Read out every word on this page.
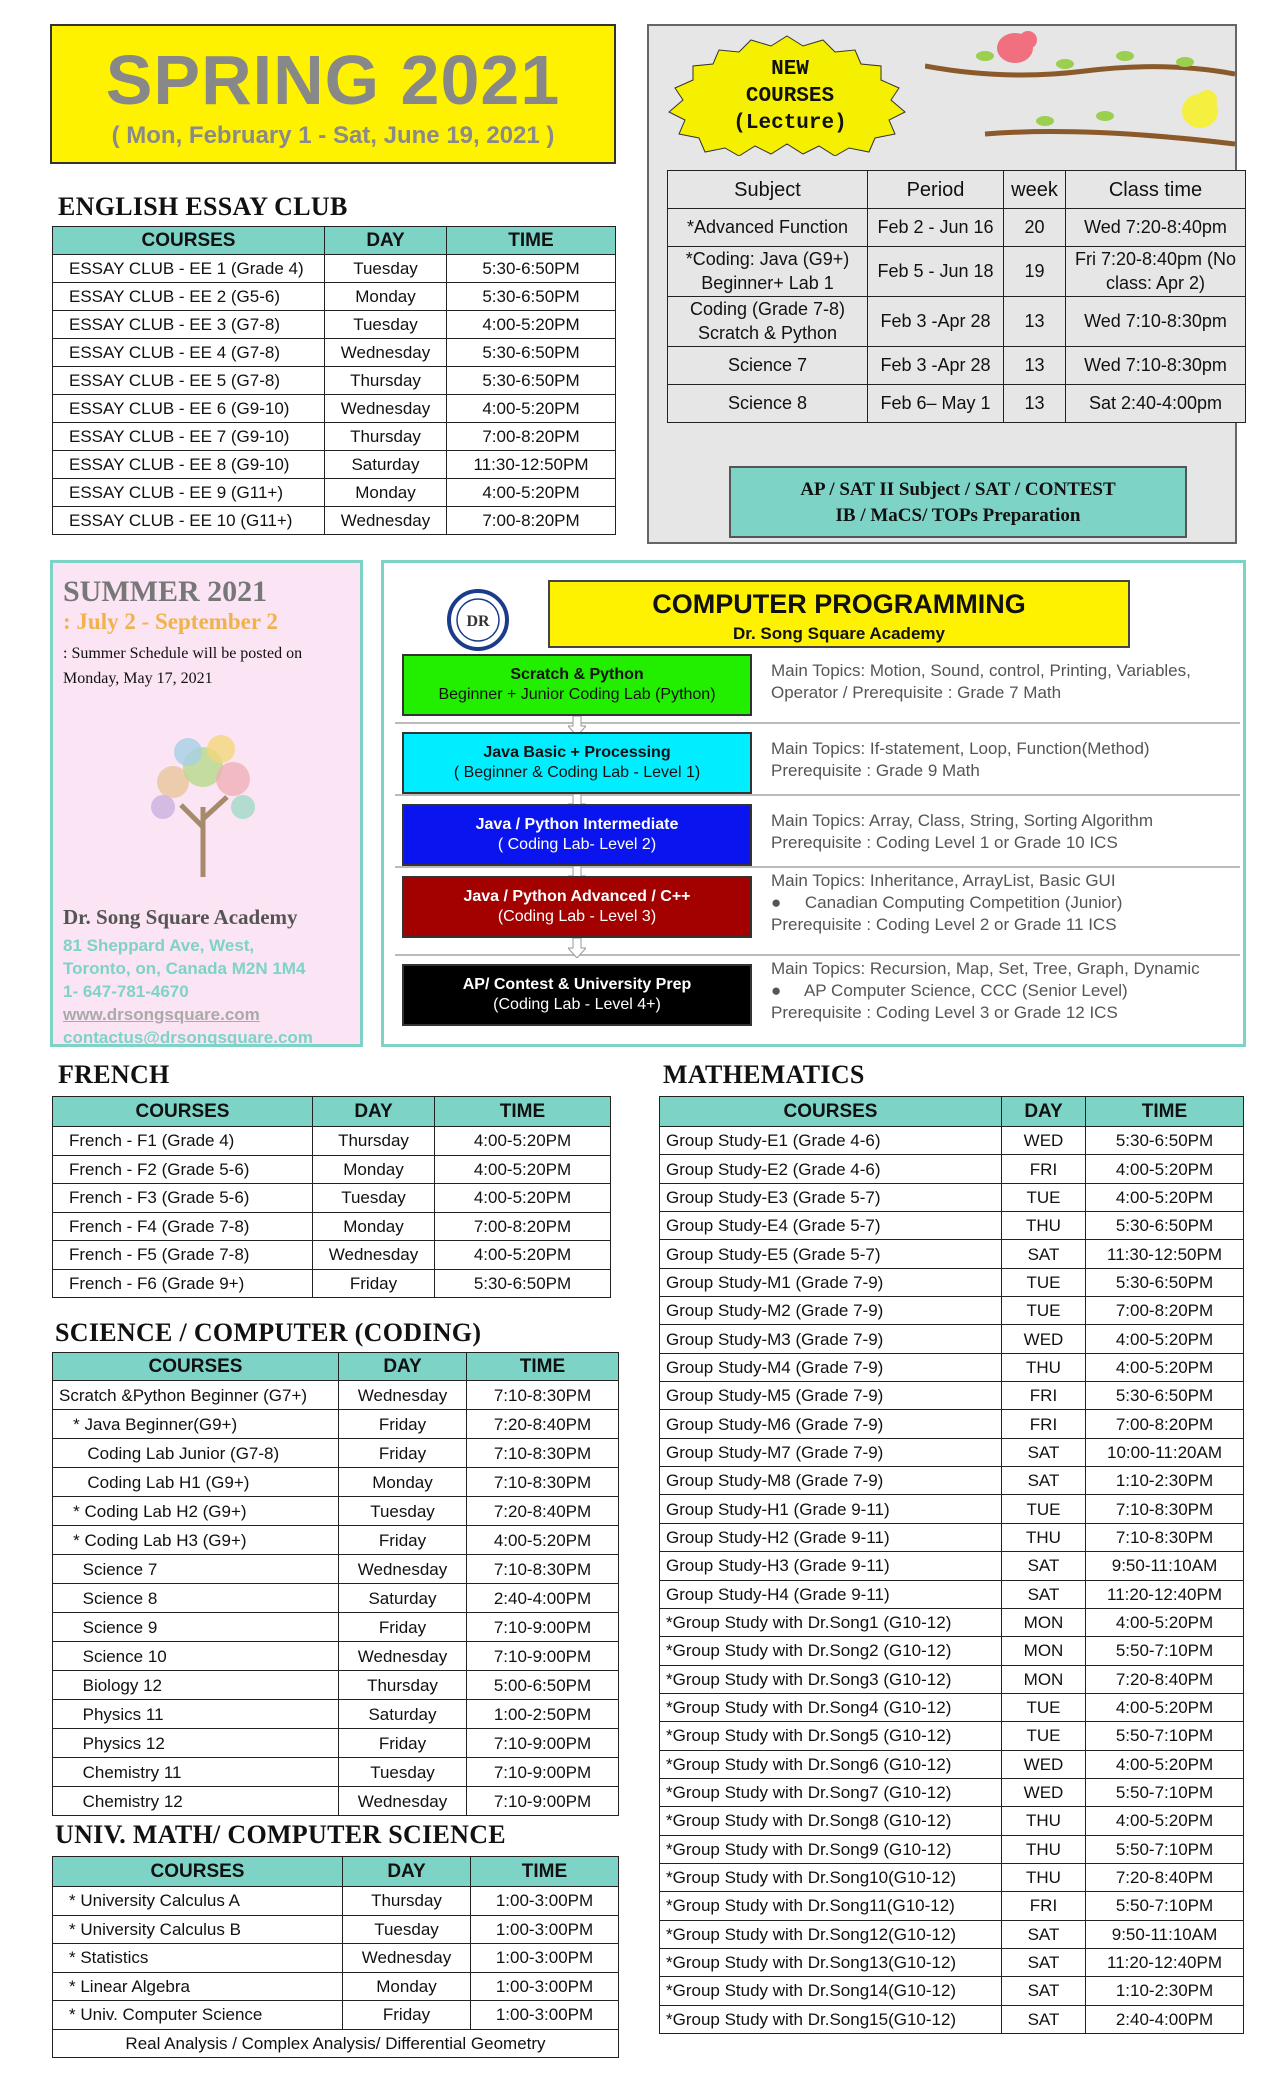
SPRING 2021
( Mon, February 1 - Sat, June 19, 2021 )
ENGLISH ESSAY CLUB
COURSES	DAY	TIME
ESSAY CLUB - EE 1 (Grade 4)	Tuesday	5:30-6:50PM
ESSAY CLUB - EE 2 (G5-6)	Monday	5:30-6:50PM
ESSAY CLUB - EE 3 (G7-8)	Tuesday	4:00-5:20PM
ESSAY CLUB - EE 4 (G7-8)	Wednesday	5:30-6:50PM
ESSAY CLUB - EE 5 (G7-8)	Thursday	5:30-6:50PM
ESSAY CLUB - EE 6 (G9-10)	Wednesday	4:00-5:20PM
ESSAY CLUB - EE 7 (G9-10)	Thursday	7:00-8:20PM
ESSAY CLUB - EE 8 (G9-10)	Saturday	11:30-12:50PM
ESSAY CLUB - EE 9 (G11+)	Monday	4:00-5:20PM
ESSAY CLUB - EE 10 (G11+)	Wednesday	7:00-8:20PM
NEW
COURSES
(Lecture)
Subject	Period	week	Class time
*Advanced Function	Feb 2 - Jun 16	20	Wed 7:20-8:40pm
*Coding: Java (G9+) Beginner+ Lab 1	Feb 5 - Jun 18	19	Fri 7:20-8:40pm (No class: Apr 2)
Coding (Grade 7-8) Scratch & Python	Feb 3 -Apr 28	13	Wed 7:10-8:30pm
Science 7	Feb 3 -Apr 28	13	Wed 7:10-8:30pm
Science 8	Feb 6– May 1	13	Sat 2:40-4:00pm
AP / SAT II Subject / SAT / CONTEST
IB / MaCS/ TOPs Preparation
SUMMER 2021
: July 2 - September 2
: Summer Schedule will be posted on Monday, May 17, 2021
Dr. Song Square Academy
81 Sheppard Ave, West,
Toronto, on, Canada M2N 1M4
1- 647-781-4670
www.drsongsquare.com
contactus@drsongsquare.com
DR
COMPUTER PROGRAMMING
Dr. Song Square Academy
Scratch & Python
Beginner + Junior Coding Lab (Python)
Main Topics: Motion, Sound, control, Printing, Variables,
Operator / Prerequisite : Grade 7 Math
Java Basic + Processing
( Beginner & Coding Lab - Level 1)
Main Topics: If-statement, Loop, Function(Method)
Prerequisite : Grade 9 Math
Java / Python Intermediate
( Coding Lab- Level 2)
Main Topics: Array, Class, String, Sorting Algorithm
Prerequisite : Coding Level 1 or Grade 10 ICS
Java / Python Advanced / C++
(Coding Lab - Level 3)
Main Topics: Inheritance, ArrayList, Basic GUI
●     Canadian Computing Competition (Junior)
Prerequisite : Coding Level 2 or Grade 11 ICS
AP/ Contest & University Prep
(Coding Lab - Level 4+)
Main Topics: Recursion, Map, Set, Tree, Graph, Dynamic
●     AP Computer Science, CCC (Senior Level)
Prerequisite : Coding Level 3 or Grade 12 ICS
FRENCH
COURSES	DAY	TIME
French - F1 (Grade 4)	Thursday	4:00-5:20PM
French - F2 (Grade 5-6)	Monday	4:00-5:20PM
French - F3 (Grade 5-6)	Tuesday	4:00-5:20PM
French - F4 (Grade 7-8)	Monday	7:00-8:20PM
French - F5 (Grade 7-8)	Wednesday	4:00-5:20PM
French - F6 (Grade 9+)	Friday	5:30-6:50PM
SCIENCE / COMPUTER (CODING)
COURSES	DAY	TIME
Scratch &Python Beginner (G7+)	Wednesday	7:10-8:30PM
* Java Beginner(G9+)	Friday	7:20-8:40PM
Coding Lab Junior (G7-8)	Friday	7:10-8:30PM
Coding Lab H1 (G9+)	Monday	7:10-8:30PM
* Coding Lab H2 (G9+)	Tuesday	7:20-8:40PM
* Coding Lab H3 (G9+)	Friday	4:00-5:20PM
Science 7	Wednesday	7:10-8:30PM
Science 8	Saturday	2:40-4:00PM
Science 9	Friday	7:10-9:00PM
Science 10	Wednesday	7:10-9:00PM
Biology 12	Thursday	5:00-6:50PM
Physics 11	Saturday	1:00-2:50PM
Physics 12	Friday	7:10-9:00PM
Chemistry 11	Tuesday	7:10-9:00PM
Chemistry 12	Wednesday	7:10-9:00PM
UNIV. MATH/ COMPUTER SCIENCE
COURSES	DAY	TIME
* University Calculus A	Thursday	1:00-3:00PM
* University Calculus B	Tuesday	1:00-3:00PM
* Statistics	Wednesday	1:00-3:00PM
* Linear Algebra	Monday	1:00-3:00PM
* Univ. Computer Science	Friday	1:00-3:00PM
Real Analysis / Complex Analysis/ Differential Geometry		
MATHEMATICS
COURSES	DAY	TIME
Group Study-E1 (Grade 4-6)	WED	5:30-6:50PM
Group Study-E2 (Grade 4-6)	FRI	4:00-5:20PM
Group Study-E3 (Grade 5-7)	TUE	4:00-5:20PM
Group Study-E4 (Grade 5-7)	THU	5:30-6:50PM
Group Study-E5 (Grade 5-7)	SAT	11:30-12:50PM
Group Study-M1 (Grade 7-9)	TUE	5:30-6:50PM
Group Study-M2 (Grade 7-9)	TUE	7:00-8:20PM
Group Study-M3 (Grade 7-9)	WED	4:00-5:20PM
Group Study-M4 (Grade 7-9)	THU	4:00-5:20PM
Group Study-M5 (Grade 7-9)	FRI	5:30-6:50PM
Group Study-M6 (Grade 7-9)	FRI	7:00-8:20PM
Group Study-M7 (Grade 7-9)	SAT	10:00-11:20AM
Group Study-M8 (Grade 7-9)	SAT	1:10-2:30PM
Group Study-H1 (Grade 9-11)	TUE	7:10-8:30PM
Group Study-H2 (Grade 9-11)	THU	7:10-8:30PM
Group Study-H3 (Grade 9-11)	SAT	9:50-11:10AM
Group Study-H4 (Grade 9-11)	SAT	11:20-12:40PM
*Group Study with Dr.Song1 (G10-12)	MON	4:00-5:20PM
*Group Study with Dr.Song2 (G10-12)	MON	5:50-7:10PM
*Group Study with Dr.Song3 (G10-12)	MON	7:20-8:40PM
*Group Study with Dr.Song4 (G10-12)	TUE	4:00-5:20PM
*Group Study with Dr.Song5 (G10-12)	TUE	5:50-7:10PM
*Group Study with Dr.Song6 (G10-12)	WED	4:00-5:20PM
*Group Study with Dr.Song7 (G10-12)	WED	5:50-7:10PM
*Group Study with Dr.Song8 (G10-12)	THU	4:00-5:20PM
*Group Study with Dr.Song9 (G10-12)	THU	5:50-7:10PM
*Group Study with Dr.Song10(G10-12)	THU	7:20-8:40PM
*Group Study with Dr.Song11(G10-12)	FRI	5:50-7:10PM
*Group Study with Dr.Song12(G10-12)	SAT	9:50-11:10AM
*Group Study with Dr.Song13(G10-12)	SAT	11:20-12:40PM
*Group Study with Dr.Song14(G10-12)	SAT	1:10-2:30PM
*Group Study with Dr.Song15(G10-12)	SAT	2:40-4:00PM
